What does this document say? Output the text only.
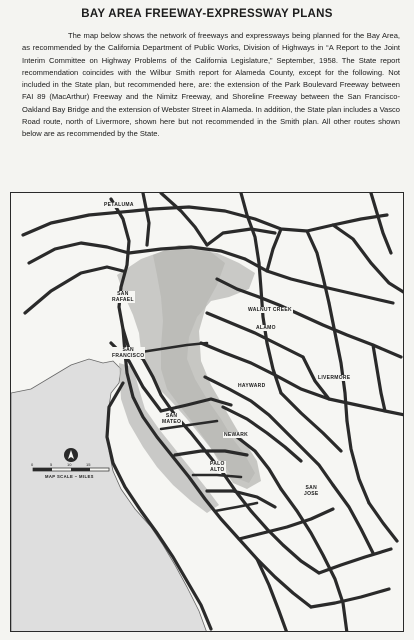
BAY AREA FREEWAY-EXPRESSWAY PLANS

The map below shows the network of freeways and expressways being planned for the Bay Area, as recommended by the California Department of Public Works, Division of Highways in “A Report to the Joint Interim Committee on Highway Problems of the California Legislature,” September, 1958. The State report recommendation coincides with the Wilbur Smith report for Alameda County, except for the following. Not included in the State plan, but recommended here, are: the extension of the Park Boulevard Freeway between FAI 89 (MacArthur) Freeway and the Nimitz Freeway, and Shoreline Freeway between the San Francisco-Oakland Bay Bridge and the extension of Webster Street in Alameda. In addition, the State plan includes a Vasco Road route, north of Livermore, shown here but not recommended in the Smith plan. All other routes shown below are as recommended by the State.

PETALUMA
SAN
RAFAEL
WALNUT CREEK
ALAMO
SAN
FRANCISCO
HAYWARD
LIVERMORE
SAN
MATEO
NEWARK
PALO
ALTO
SAN
JOSE
0	5	10	15
MAP SCALE – MILES
